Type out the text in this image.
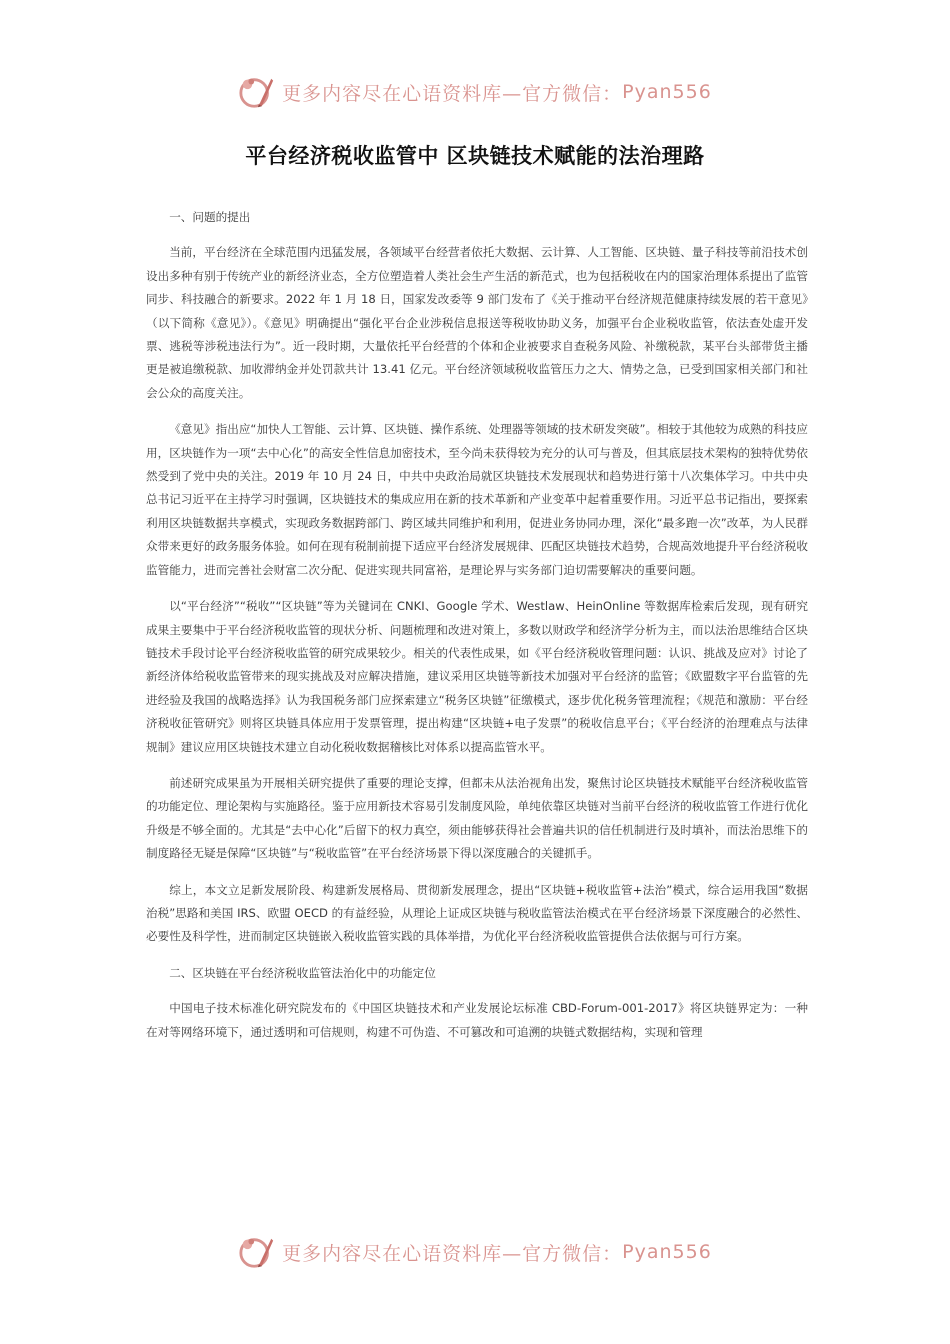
更多内容尽在心语资料库—官方微信： Pyan556
平台经济税收监管中 区块链技术赋能的法治理路

一、问题的提出

当前，平台经济在全球范围内迅猛发展，各领域平台经营者依托大数据、云计算、人工智能、区块链、量子科技等前沿技术创设出多种有别于传统产业的新经济业态，全方位塑造着人类社会生产生活的新范式，也为包括税收在内的国家治理体系提出了监管同步、科技融合的新要求。2022 年 1 月 18 日，国家发改委等 9 部门发布了《关于推动平台经济规范健康持续发展的若干意见》（以下简称《意见》）。《意见》明确提出“强化平台企业涉税信息报送等税收协助义务，加强平台企业税收监管，依法查处虚开发票、逃税等涉税违法行为”。近一段时期，大量依托平台经营的个体和企业被要求自查税务风险、补缴税款，某平台头部带货主播更是被追缴税款、加收滞纳金并处罚款共计 13.41 亿元。平台经济领域税收监管压力之大、情势之急，已受到国家相关部门和社会公众的高度关注。

《意见》指出应“加快人工智能、云计算、区块链、操作系统、处理器等领域的技术研发突破”。相较于其他较为成熟的科技应用，区块链作为一项“去中心化”的高安全性信息加密技术，至今尚未获得较为充分的认可与普及，但其底层技术架构的独特优势依然受到了党中央的关注。2019 年 10 月 24 日，中共中央政治局就区块链技术发展现状和趋势进行第十八次集体学习。中共中央总书记习近平在主持学习时强调，区块链技术的集成应用在新的技术革新和产业变革中起着重要作用。习近平总书记指出，要探索利用区块链数据共享模式，实现政务数据跨部门、跨区域共同维护和利用，促进业务协同办理，深化“最多跑一次”改革，为人民群众带来更好的政务服务体验。如何在现有税制前提下适应平台经济发展规律、匹配区块链技术趋势，合规高效地提升平台经济税收监管能力，进而完善社会财富二次分配、促进实现共同富裕，是理论界与实务部门迫切需要解决的重要问题。

以“平台经济”“税收”“区块链”等为关键词在 CNKI、Google 学术、Westlaw、HeinOnline 等数据库检索后发现，现有研究成果主要集中于平台经济税收监管的现状分析、问题梳理和改进对策上，多数以财政学和经济学分析为主，而以法治思维结合区块链技术手段讨论平台经济税收监管的研究成果较少。相关的代表性成果，如《平台经济税收管理问题：认识、挑战及应对》讨论了新经济体给税收监管带来的现实挑战及对应解决措施，建议采用区块链等新技术加强对平台经济的监管；《欧盟数字平台监管的先进经验及我国的战略选择》认为我国税务部门应探索建立“税务区块链”征缴模式，逐步优化税务管理流程；《规范和激励：平台经济税收征管研究》则将区块链具体应用于发票管理，提出构建“区块链+电子发票”的税收信息平台；《平台经济的治理难点与法律规制》建议应用区块链技术建立自动化税收数据稽核比对体系以提高监管水平。

前述研究成果虽为开展相关研究提供了重要的理论支撑，但都未从法治视角出发，聚焦讨论区块链技术赋能平台经济税收监管的功能定位、理论架构与实施路径。鉴于应用新技术容易引发制度风险，单纯依靠区块链对当前平台经济的税收监管工作进行优化升级是不够全面的。尤其是“去中心化”后留下的权力真空，须由能够获得社会普遍共识的信任机制进行及时填补，而法治思维下的制度路径无疑是保障“区块链”与“税收监管”在平台经济场景下得以深度融合的关键抓手。

综上，本文立足新发展阶段、构建新发展格局、贯彻新发展理念，提出“区块链+税收监管+法治”模式，综合运用我国“数据治税”思路和美国 IRS、欧盟 OECD 的有益经验，从理论上证成区块链与税收监管法治模式在平台经济场景下深度融合的必然性、必要性及科学性，进而制定区块链嵌入税收监管实践的具体举措，为优化平台经济税收监管提供合法依据与可行方案。

二、区块链在平台经济税收监管法治化中的功能定位

中国电子技术标准化研究院发布的《中国区块链技术和产业发展论坛标准 CBD-Forum-001-2017》将区块链界定为：一种在对等网络环境下，通过透明和可信规则，构建不可伪造、不可篡改和可追溯的块链式数据结构，实现和管理

更多内容尽在心语资料库—官方微信： Pyan556
